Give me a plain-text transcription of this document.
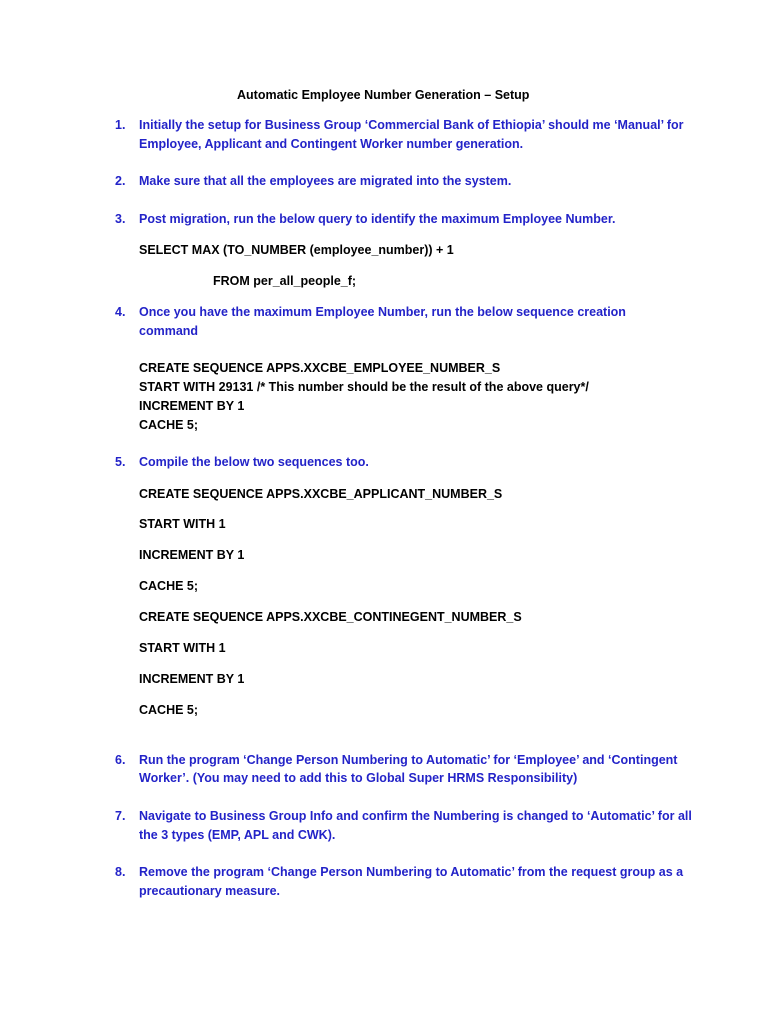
Automatic Employee Number Generation – Setup
1. Initially the setup for Business Group ‘Commercial Bank of Ethiopia’ should me ‘Manual’ for
Employee, Applicant and Contingent Worker number generation.
2. Make sure that all the employees are migrated into the system.
3. Post migration, run the below query to identify the maximum Employee Number.
SELECT MAX (TO_NUMBER (employee_number)) + 1
FROM per_all_people_f;
4. Once you have the maximum Employee Number, run the below sequence creation
command
CREATE SEQUENCE APPS.XXCBE_EMPLOYEE_NUMBER_S
START WITH 29131 /* This number should be the result of the above query*/
INCREMENT BY 1
CACHE 5;
5. Compile the below two sequences too.
CREATE SEQUENCE APPS.XXCBE_APPLICANT_NUMBER_S
START WITH 1
INCREMENT BY 1
CACHE 5;
CREATE SEQUENCE APPS.XXCBE_CONTINEGENT_NUMBER_S
START WITH 1
INCREMENT BY 1
CACHE 5;
6. Run the program ‘Change Person Numbering to Automatic’ for ‘Employee’ and ‘Contingent
Worker’. (You may need to add this to Global Super HRMS Responsibility)
7. Navigate to Business Group Info and confirm the Numbering is changed to ‘Automatic’ for all
the 3 types (EMP, APL and CWK).
8. Remove the program ‘Change Person Numbering to Automatic’ from the request group as a
precautionary measure.
